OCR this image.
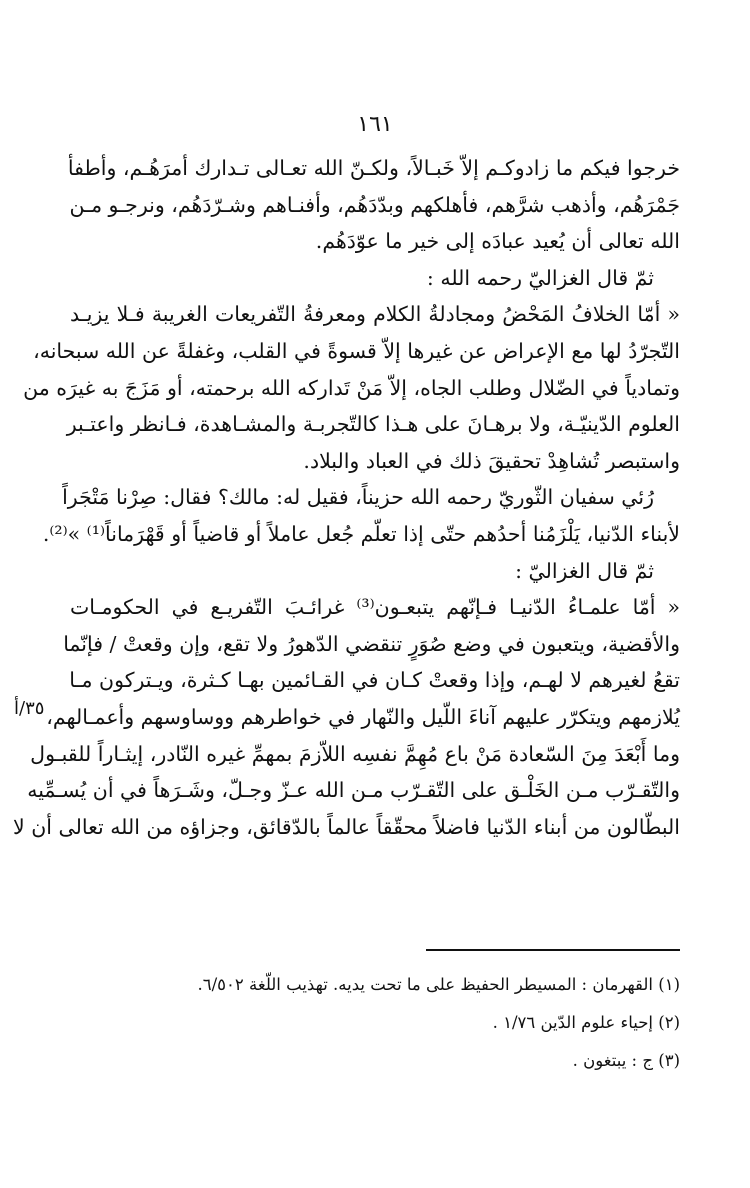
١٦١
خرجوا فيكم ما زادوكـم إلاّ خَبـالاً، ولكـنّ الله تعـالى تـدارك أمرَهُـم، وأطفأ
جَمْرَهُم، وأذهب شرَّهم، فأهلكهم وبدّدَهُم، وأفنـاهم وشـرّدَهُم، ونرجـو مـن
الله تعالى أن يُعيد عبادَه إلى خير ما عوّدَهُم.
ثمّ قال الغزاليّ رحمه الله :
« أمّا الخلافُ المَحْضُ ومجادلةُ الكلام ومعرفةُ التّفريعات الغريبة فـلا يزيـد
التّجرّدُ لها مع الإعراض عن غيرها إلاّ قسوةً في القلب، وغفلةً عن الله سبحانه،
وتمادياً في الضّلال وطلب الجاه، إلاّ مَنْ تَداركه الله برحمته، أو مَزَجَ به غيرَه من
العلوم الدّينيّـة، ولا برهـانَ على هـذا كالتّجربـة والمشـاهدة، فـانظر واعتـبر
واستبصر تُشاهِدْ تحقيقَ ذلك في العباد والبلاد.
رُئي سفيان الثّوريّ رحمه الله حزيناً، فقيل له: مالك؟ فقال: صِرْنا مَتْجَراً
لأبناء الدّنيا، يَلْزَمُنا أحدُهم حتّى إذا تعلّم جُعل عاملاً أو قاضياً أو قَهْرَماناً⁽¹⁾ »⁽²⁾.
ثمّ قال الغزاليّ :
« أمّا علمـاءُ الدّنيـا فـإنّهم يتبعـون⁽³⁾ غرائـبَ التّفريـع في الحكومـات
والأقضية، ويتعبون في وضع صُوَرٍ تنقضي الدّهورُ ولا تقع، وإن وقعتْ / فإنّما
تقعُ لغيرهم لا لهـم، وإذا وقعتْ كـان في القـائمين بهـا كـثرة، ويـتركون مـا
يُلازمهم ويتكرّر عليهم آناءَ اللّيل والنّهار في خواطرهم ووساوسهم وأعمـالهم،
وما أَبْعَدَ مِنَ السّعادة مَنْ باع مُهِمَّ نفسِه اللاّزمَ بمهمِّ غيره النّادر، إيثـاراً للقبـول
والتّقـرّب مـن الخَلْـق على التّقـرّب مـن الله عـزّ وجـلّ، وشَـرَهاً في أن يُسـمِّيه
البطّالون من أبناء الدّنيا فاضلاً محقّقاً عالماً بالدّقائق، وجزاؤه من الله تعالى أن لا
٣٥/أ
(١) القهرمان : المسيطر الحفيظ على ما تحت يديه. تهذيب اللّغة ٦/٥٠٢.
(٢) إحياء علوم الدّين ١/٧٦ .
(٣) ج : يبتغون .
